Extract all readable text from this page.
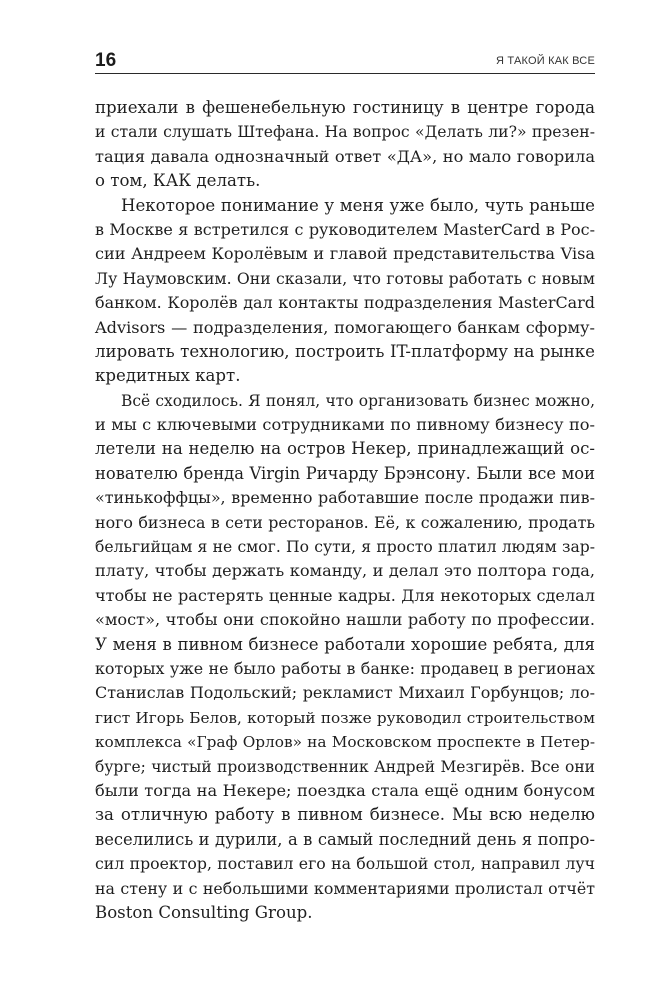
16	Я ТАКОЙ КАК ВСЕ
приехали в фешенебельную гостиницу в центре города
и стали слушать Штефана. На вопрос «Делать ли?» презен-
тация давала однозначный ответ «ДА», но мало говорила
о том, КАК делать.
Некоторое понимание у меня уже было, чуть раньше
в Москве я встретился с руководителем MasterCard в Рос-
сии Андреем Королёвым и главой представительства Visa
Лу Наумовским. Они сказали, что готовы работать с новым
банком. Королёв дал контакты подразделения MasterCard
Advisors — подразделения, помогающего банкам сформу-
лировать технологию, построить IT-платформу на рынке
кредитных карт.
Всё сходилось. Я понял, что организовать бизнес можно,
и мы с ключевыми сотрудниками по пивному бизнесу по-
летели на неделю на остров Некер, принадлежащий ос-
нователю бренда Virgin Ричарду Брэнсону. Были все мои
«тинькоффцы», временно работавшие после продажи пив-
ного бизнеса в сети ресторанов. Её, к сожалению, продать
бельгийцам я не смог. По сути, я просто платил людям зар-
плату, чтобы держать команду, и делал это полтора года,
чтобы не растерять ценные кадры. Для некоторых сделал
«мост», чтобы они спокойно нашли работу по профессии.
У меня в пивном бизнесе работали хорошие ребята, для
которых уже не было работы в банке: продавец в регионах
Станислав Подольский; рекламист Михаил Горбунцов; ло-
гист Игорь Белов, который позже руководил строительством
комплекса «Граф Орлов» на Московском проспекте в Петер-
бурге; чистый производственник Андрей Мезгирёв. Все они
были тогда на Некере; поездка стала ещё одним бонусом
за отличную работу в пивном бизнесе. Мы всю неделю
веселились и дурили, а в самый последний день я попро-
сил проектор, поставил его на большой стол, направил луч
на стену и с небольшими комментариями пролистал отчёт
Boston Consulting Group.
